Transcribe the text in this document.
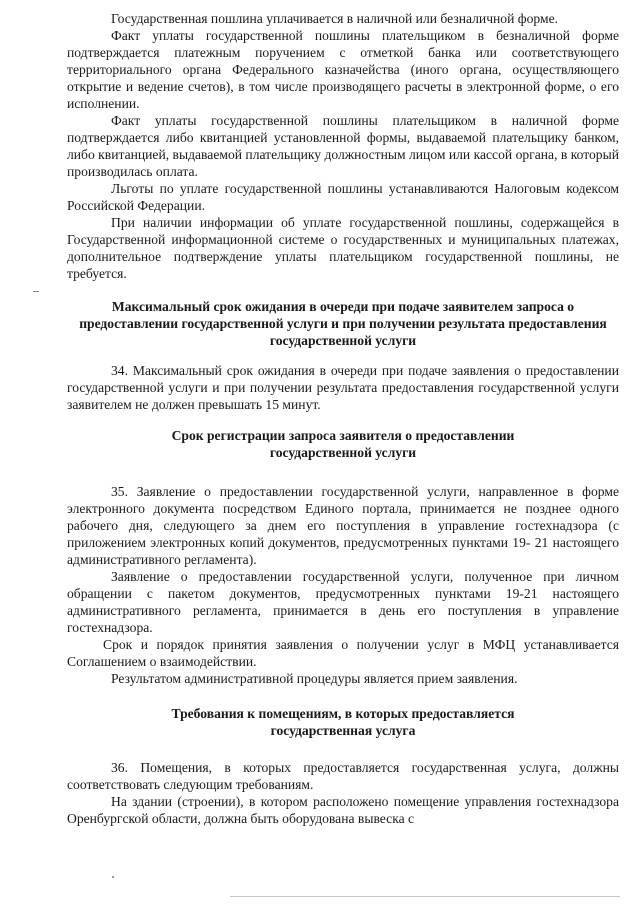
Государственная пошлина уплачивается в наличной или безналичной форме.

Факт уплаты государственной пошлины плательщиком в безналичной форме подтверждается платежным поручением с отметкой банка или соответствующего территориального органа Федерального казначейства (иного органа, осуществляющего открытие и ведение счетов), в том числе производящего расчеты в электронной форме, о его исполнении.

Факт уплаты государственной пошлины плательщиком в наличной форме подтверждается либо квитанцией установленной формы, выдаваемой плательщику банком, либо квитанцией, выдаваемой плательщику должностным лицом или кассой органа, в который производилась оплата.

Льготы по уплате государственной пошлины устанавливаются Налоговым кодексом Российской Федерации.

При наличии информации об уплате государственной пошлины, содержащейся в Государственной информационной системе о государственных и муниципальных платежах, дополнительное подтверждение уплаты плательщиком государственной пошлины, не требуется.

Максимальный срок ожидания в очереди при подаче заявителем запроса о предоставлении государственной услуги и при получении результата предоставления государственной услуги

34. Максимальный срок ожидания в очереди при подаче заявления о предоставлении государственной услуги и при получении результата предоставления государственной услуги заявителем не должен превышать 15 минут.

Срок регистрации запроса заявителя о предоставлении государственной услуги

35. Заявление о предоставлении государственной услуги, направленное в форме электронного документа посредством Единого портала, принимается не позднее одного рабочего дня, следующего за днем его поступления в управление гостехнадзора (с приложением электронных копий документов, предусмотренных пунктами 19- 21 настоящего административного регламента).

Заявление о предоставлении государственной услуги, полученное при личном обращении с пакетом документов, предусмотренных пунктами 19-21 настоящего административного регламента, принимается в день его поступления в управление гостехнадзора.

Срок и порядок принятия заявления о получении услуг в МФЦ устанавливается Соглашением о взаимодействии.

Результатом административной процедуры является прием заявления.

Требования к помещениям, в которых предоставляется государственная услуга

36. Помещения, в которых предоставляется государственная услуга, должны соответствовать следующим требованиям.

На здании (строении), в котором расположено помещение управления гостехнадзора Оренбургской области, должна быть оборудована вывеска с
